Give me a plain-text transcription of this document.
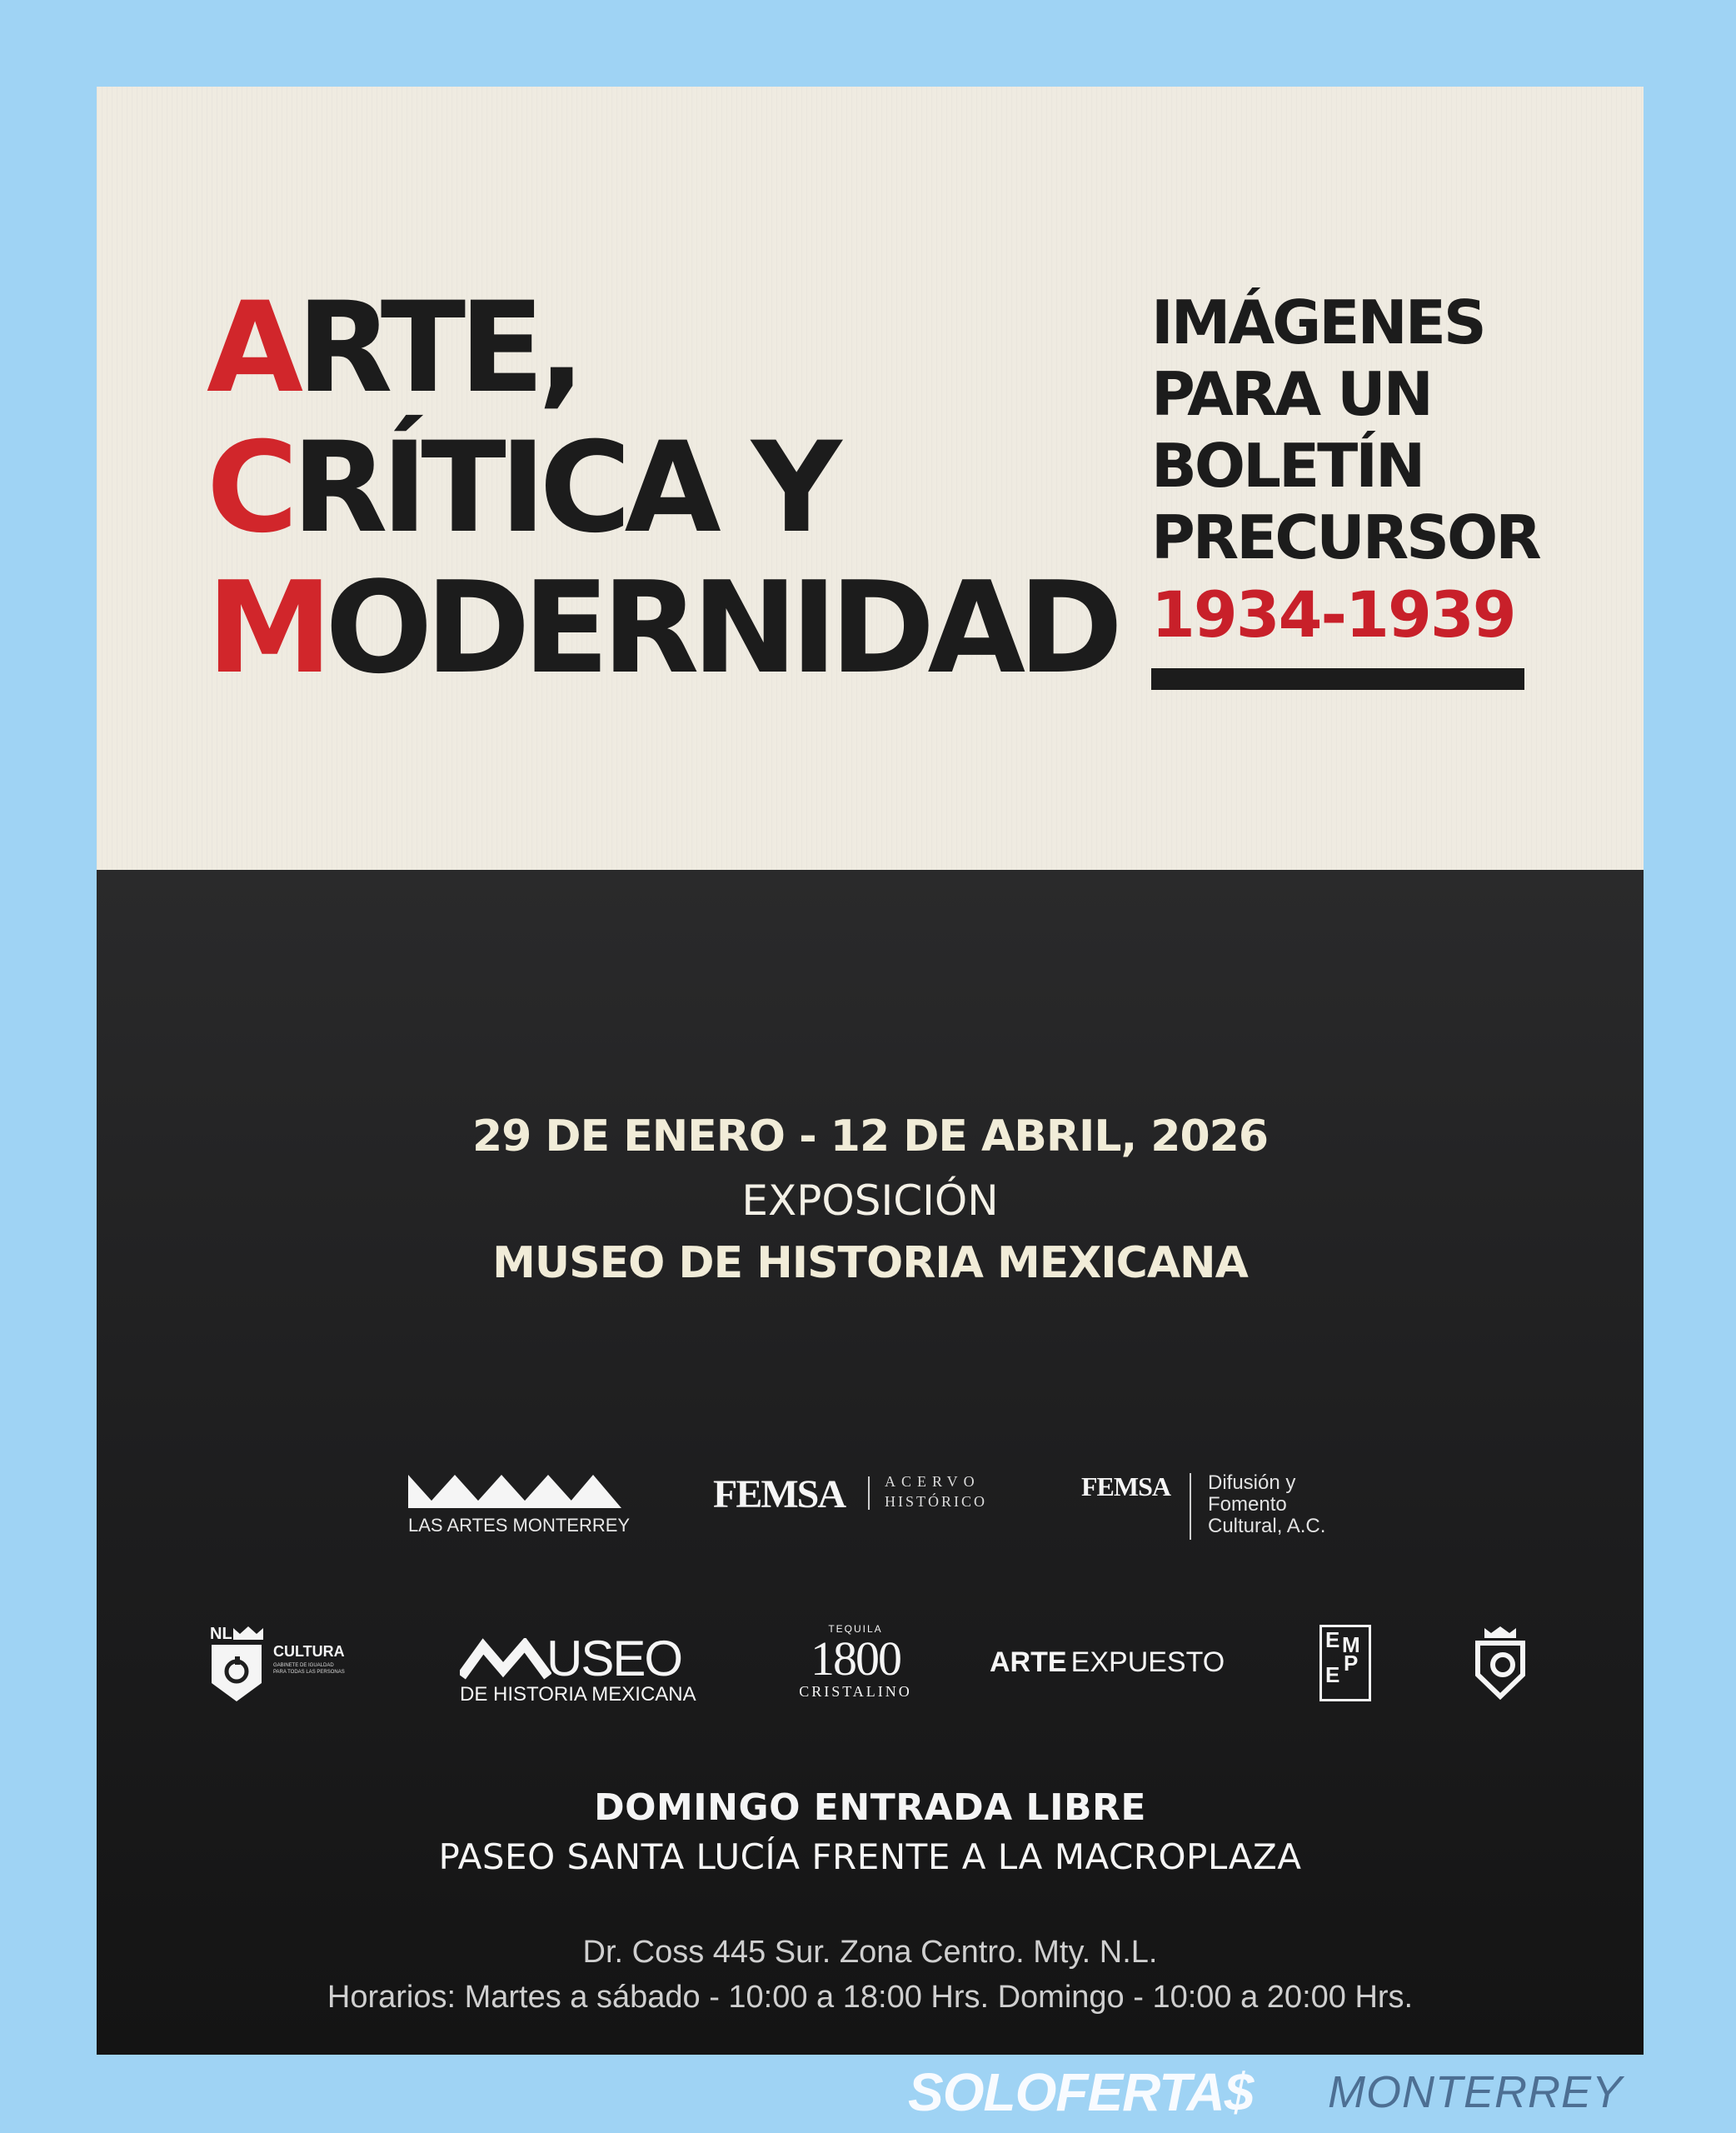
ARTE,
CRÍTICA Y
MODERNIDAD
IMÁGENES
PARA UN
BOLETÍN
PRECURSOR
1934-1939
29 DE ENERO - 12 DE ABRIL, 2026
EXPOSICIÓN
MUSEO DE HISTORIA MEXICANA
LAS ARTES MONTERREY
FEMSA	ACERVO
HISTÓRICO	FEMSA Difusión y
Fomento
Cultural, A.C.
NL
CULTURA
GABINETE DE IGUALDAD
PARA TODAS LAS PERSONAS	USEO
DE HISTORIA MEXICANA
TEQUILA
1800
CRISTALINO
ARTE EXPUESTO
E M
E P
DOMINGO ENTRADA LIBRE
PASEO SANTA LUCÍA FRENTE A LA MACROPLAZA
Dr. Coss 445 Sur. Zona Centro. Mty. N.L.
Horarios: Martes a sábado - 10:00 a 18:00 Hrs. Domingo - 10:00 a 20:00 Hrs.
SOLOFERTA$ MONTERREY
